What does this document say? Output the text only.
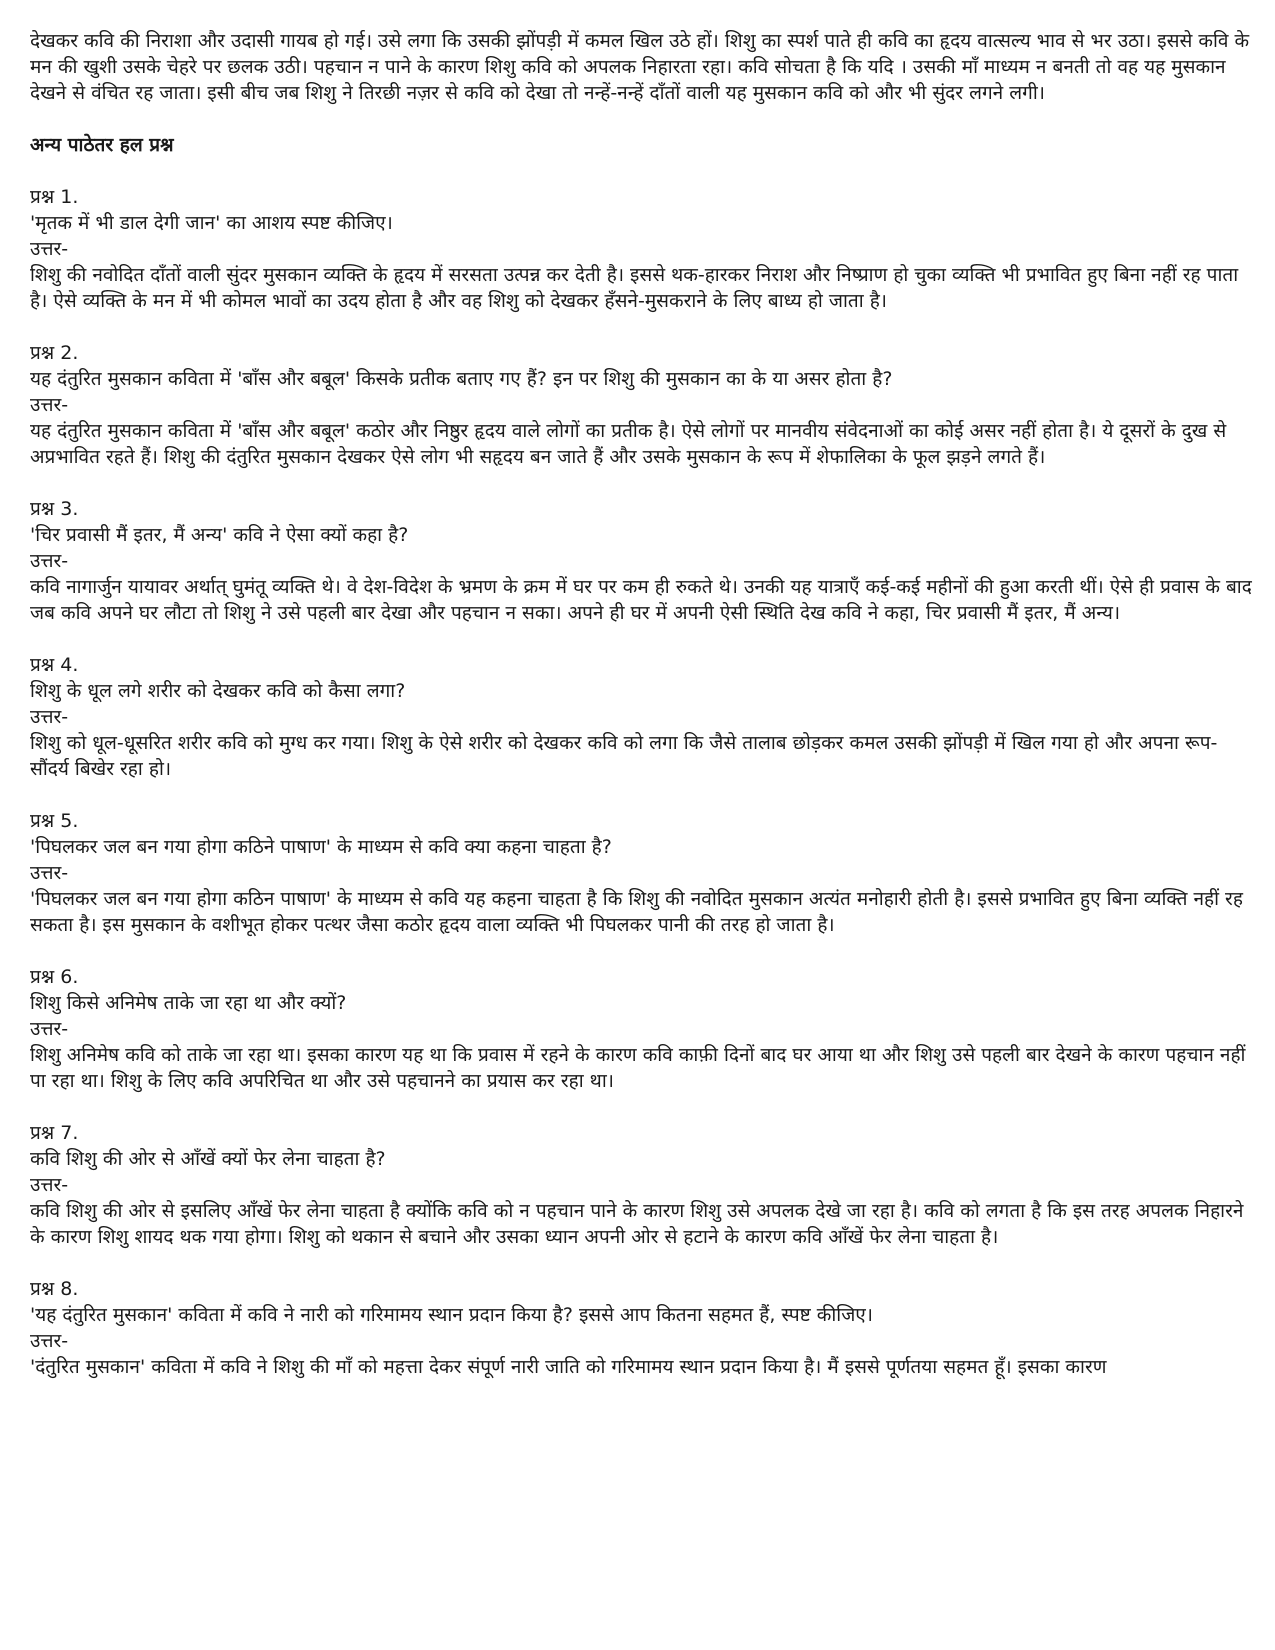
देखकर कवि की निराशा और उदासी गायब हो गई। उसे लगा कि उसकी झोंपड़ी में कमल खिल उठे हों। शिशु का स्पर्श पाते ही कवि का हृदय वात्सल्य भाव से भर उठा। इससे कवि के मन की खुशी उसके चेहरे पर छलक उठी। पहचान न पाने के कारण शिशु कवि को अपलक निहारता रहा। कवि सोचता है कि यदि । उसकी माँ माध्यम न बनती तो वह यह मुसकान देखने से वंचित रह जाता। इसी बीच जब शिशु ने तिरछी नज़र से कवि को देखा तो नन्हें-नन्हें दाँतों वाली यह मुसकान कवि को और भी सुंदर लगने लगी।

अन्य पाठेतर हल प्रश्न

प्रश्न 1.
'मृतक में भी डाल देगी जान' का आशय स्पष्ट कीजिए।
उत्तर-
शिशु की नवोदित दाँतों वाली सुंदर मुसकान व्यक्ति के हृदय में सरसता उत्पन्न कर देती है। इससे थक-हारकर निराश और निष्प्राण हो चुका व्यक्ति भी प्रभावित हुए बिना नहीं रह पाता है। ऐसे व्यक्ति के मन में भी कोमल भावों का उदय होता है और वह शिशु को देखकर हँसने-मुसकराने के लिए बाध्य हो जाता है।

प्रश्न 2.
यह दंतुरित मुसकान कविता में 'बाँस और बबूल' किसके प्रतीक बताए गए हैं? इन पर शिशु की मुसकान का के या असर होता है?
उत्तर-
यह दंतुरित मुसकान कविता में 'बाँस और बबूल' कठोर और निष्ठुर हृदय वाले लोगों का प्रतीक है। ऐसे लोगों पर मानवीय संवेदनाओं का कोई असर नहीं होता है। ये दूसरों के दुख से अप्रभावित रहते हैं। शिशु की दंतुरित मुसकान देखकर ऐसे लोग भी सहृदय बन जाते हैं और उसके मुसकान के रूप में शेफालिका के फूल झड़ने लगते हैं।

प्रश्न 3.
'चिर प्रवासी मैं इतर, मैं अन्य' कवि ने ऐसा क्यों कहा है?
उत्तर-
कवि नागार्जुन यायावर अर्थात् घुमंतू व्यक्ति थे। वे देश-विदेश के भ्रमण के क्रम में घर पर कम ही रुकते थे। उनकी यह यात्राएँ कई-कई महीनों की हुआ करती थीं। ऐसे ही प्रवास के बाद जब कवि अपने घर लौटा तो शिशु ने उसे पहली बार देखा और पहचान न सका। अपने ही घर में अपनी ऐसी स्थिति देख कवि ने कहा, चिर प्रवासी मैं इतर, मैं अन्य।

प्रश्न 4.
शिशु के धूल लगे शरीर को देखकर कवि को कैसा लगा?
उत्तर-
शिशु को धूल-धूसरित शरीर कवि को मुग्ध कर गया। शिशु के ऐसे शरीर को देखकर कवि को लगा कि जैसे तालाब छोड़कर कमल उसकी झोंपड़ी में खिल गया हो और अपना रूप-सौंदर्य बिखेर रहा हो।

प्रश्न 5.
'पिघलकर जल बन गया होगा कठिने पाषाण' के माध्यम से कवि क्या कहना चाहता है?
उत्तर-
'पिघलकर जल बन गया होगा कठिन पाषाण' के माध्यम से कवि यह कहना चाहता है कि शिशु की नवोदित मुसकान अत्यंत मनोहारी होती है। इससे प्रभावित हुए बिना व्यक्ति नहीं रह सकता है। इस मुसकान के वशीभूत होकर पत्थर जैसा कठोर हृदय वाला व्यक्ति भी पिघलकर पानी की तरह हो जाता है।

प्रश्न 6.
शिशु किसे अनिमेष ताके जा रहा था और क्यों?
उत्तर-
शिशु अनिमेष कवि को ताके जा रहा था। इसका कारण यह था कि प्रवास में रहने के कारण कवि काफ़ी दिनों बाद घर आया था और शिशु उसे पहली बार देखने के कारण पहचान नहीं पा रहा था। शिशु के लिए कवि अपरिचित था और उसे पहचानने का प्रयास कर रहा था।

प्रश्न 7.
कवि शिशु की ओर से आँखें क्यों फेर लेना चाहता है?
उत्तर-
कवि शिशु की ओर से इसलिए आँखें फेर लेना चाहता है क्योंकि कवि को न पहचान पाने के कारण शिशु उसे अपलक देखे जा रहा है। कवि को लगता है कि इस तरह अपलक निहारने के कारण शिशु शायद थक गया होगा। शिशु को थकान से बचाने और उसका ध्यान अपनी ओर से हटाने के कारण कवि आँखें फेर लेना चाहता है।

प्रश्न 8.
'यह दंतुरित मुसकान' कविता में कवि ने नारी को गरिमामय स्थान प्रदान किया है? इससे आप कितना सहमत हैं, स्पष्ट कीजिए।
उत्तर-
'दंतुरित मुसकान' कविता में कवि ने शिशु की माँ को महत्ता देकर संपूर्ण नारी जाति को गरिमामय स्थान प्रदान किया है। मैं इससे पूर्णतया सहमत हूँ। इसका कारण
